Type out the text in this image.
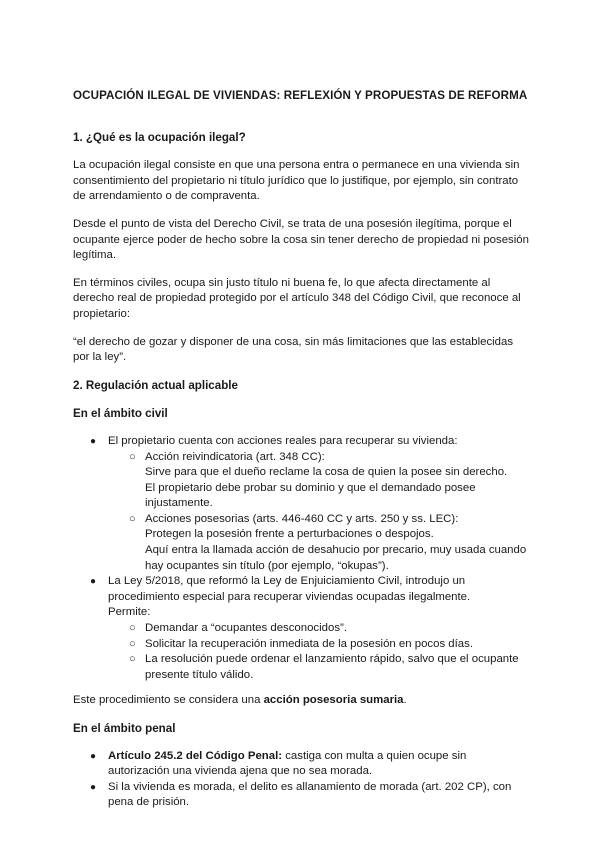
OCUPACIÓN ILEGAL DE VIVIENDAS: REFLEXIÓN Y PROPUESTAS DE REFORMA
1. ¿Qué es la ocupación ilegal?

La ocupación ilegal consiste en que una persona entra o permanece en una vivienda sin consentimiento del propietario ni título jurídico que lo justifique, por ejemplo, sin contrato de arrendamiento o de compraventa.

Desde el punto de vista del Derecho Civil, se trata de una posesión ilegítima, porque el ocupante ejerce poder de hecho sobre la cosa sin tener derecho de propiedad ni posesión legítima.

En términos civiles, ocupa sin justo título ni buena fe, lo que afecta directamente al derecho real de propiedad protegido por el artículo 348 del Código Civil, que reconoce al propietario:

“el derecho de gozar y disponer de una cosa, sin más limitaciones que las establecidas por la ley”.

2. Regulación actual aplicable
En el ámbito civil
● El propietario cuenta con acciones reales para recuperar su vivienda:
○ Acción reivindicatoria (art. 348 CC):
Sirve para que el dueño reclame la cosa de quien la posee sin derecho.
El propietario debe probar su dominio y que el demandado posee injustamente.
○ Acciones posesorias (arts. 446-460 CC y arts. 250 y ss. LEC):
Protegen la posesión frente a perturbaciones o despojos.
Aquí entra la llamada acción de desahucio por precario, muy usada cuando hay ocupantes sin título (por ejemplo, “okupas”).
● La Ley 5/2018, que reformó la Ley de Enjuiciamiento Civil, introdujo un procedimiento especial para recuperar viviendas ocupadas ilegalmente.
Permite:
○ Demandar a “ocupantes desconocidos”.
○ Solicitar la recuperación inmediata de la posesión en pocos días.
○ La resolución puede ordenar el lanzamiento rápido, salvo que el ocupante presente título válido.

Este procedimiento se considera una acción posesoria sumaria.

En el ámbito penal
● Artículo 245.2 del Código Penal: castiga con multa a quien ocupe sin autorización una vivienda ajena que no sea morada.
● Si la vivienda es morada, el delito es allanamiento de morada (art. 202 CP), con pena de prisión.
